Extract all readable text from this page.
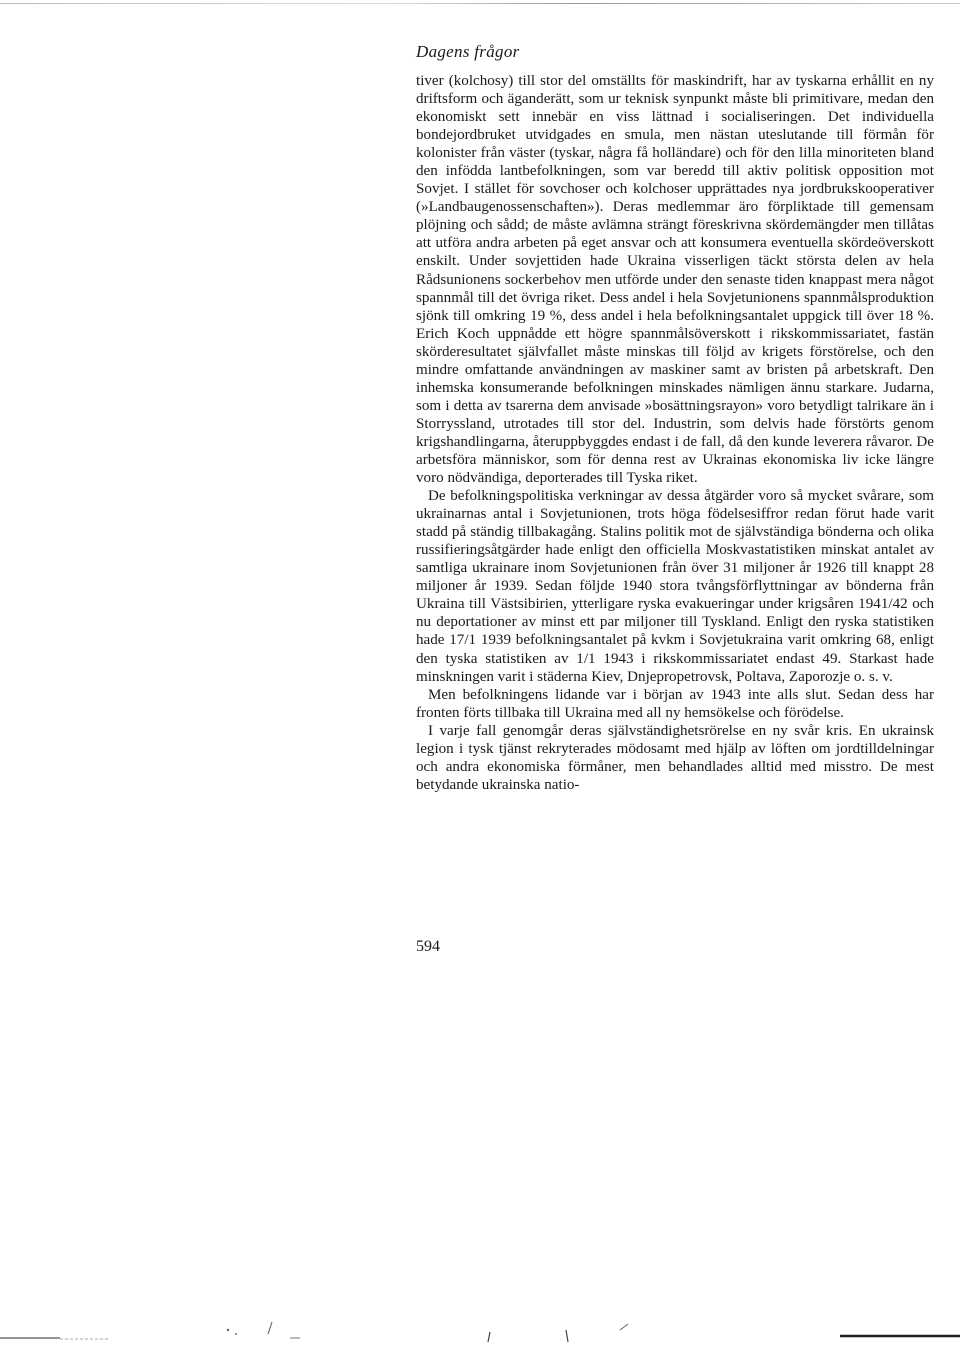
Dagens frågor

tiver (kolchosy) till stor del omställts för maskindrift, har av tyskarna erhållit en ny driftsform och äganderätt, som ur teknisk synpunkt måste bli primitivare, medan den ekonomiskt sett innebär en viss lättnad i socialiseringen. Det individuella bondejordbruket utvidgades en smula, men nästan uteslutande till förmån för kolonister från väster (tyskar, några få holländare) och för den lilla minoriteten bland den infödda lantbefolkningen, som var beredd till aktiv politisk opposition mot Sovjet. I stället för sovchoser och kolchoser upprättades nya jordbrukskooperativer (»Landbaugenossenschaften»). Deras medlemmar äro förpliktade till gemensam plöjning och sådd; de måste avlämna strängt föreskrivna skördemängder men tillåtas att utföra andra arbeten på eget ansvar och att konsumera eventuella skördeöverskott enskilt. Under sovjettiden hade Ukraina visserligen täckt största delen av hela Rådsunionens sockerbehov men utförde under den senaste tiden knappast mera något spannmål till det övriga riket. Dess andel i hela Sovjetunionens spannmålsproduktion sjönk till omkring 19 %, dess andel i hela befolkningsantalet uppgick till över 18 %. Erich Koch uppnådde ett högre spannmålsöverskott i rikskommissariatet, fastän skörderesultatet självfallet måste minskas till följd av krigets förstörelse, och den mindre omfattande användningen av maskiner samt av bristen på arbetskraft. Den inhemska konsumerande befolkningen minskades nämligen ännu starkare. Judarna, som i detta av tsarerna dem anvisade »bosättningsrayon» voro betydligt talrikare än i Storryssland, utrotades till stor del. Industrin, som delvis hade förstörts genom krigshandlingarna, återuppbyggdes endast i de fall, då den kunde leverera råvaror. De arbetsföra människor, som för denna rest av Ukrainas ekonomiska liv icke längre voro nödvändiga, deporterades till Tyska riket.

De befolkningspolitiska verkningar av dessa åtgärder voro så mycket svårare, som ukrainarnas antal i Sovjetunionen, trots höga födelsesiffror redan förut hade varit stadd på ständig tillbakagång. Stalins politik mot de självständiga bönderna och olika russifieringsåtgärder hade enligt den officiella Moskvastatistiken minskat antalet av samtliga ukrainare inom Sovjetunionen från över 31 miljoner år 1926 till knappt 28 miljoner år 1939. Sedan följde 1940 stora tvångsförflyttningar av bönderna från Ukraina till Västsibirien, ytterligare ryska evakueringar under krigsåren 1941/42 och nu deportationer av minst ett par miljoner till Tyskland. Enligt den ryska statistiken hade 17/1 1939 befolkningsantalet på kvkm i Sovjetukraina varit omkring 68, enligt den tyska statistiken av 1/1 1943 i rikskommissariatet endast 49. Starkast hade minskningen varit i städerna Kiev, Dnjepropetrovsk, Poltava, Zaporozje o. s. v.

Men befolkningens lidande var i början av 1943 inte alls slut. Sedan dess har fronten förts tillbaka till Ukraina med all ny hemsökelse och förödelse.

I varje fall genomgår deras självständighetsrörelse en ny svår kris. En ukrainsk legion i tysk tjänst rekryterades mödosamt med hjälp av löften om jordtilldelningar och andra ekonomiska förmåner, men behandlades alltid med misstro. De mest betydande ukrainska natio-

594
